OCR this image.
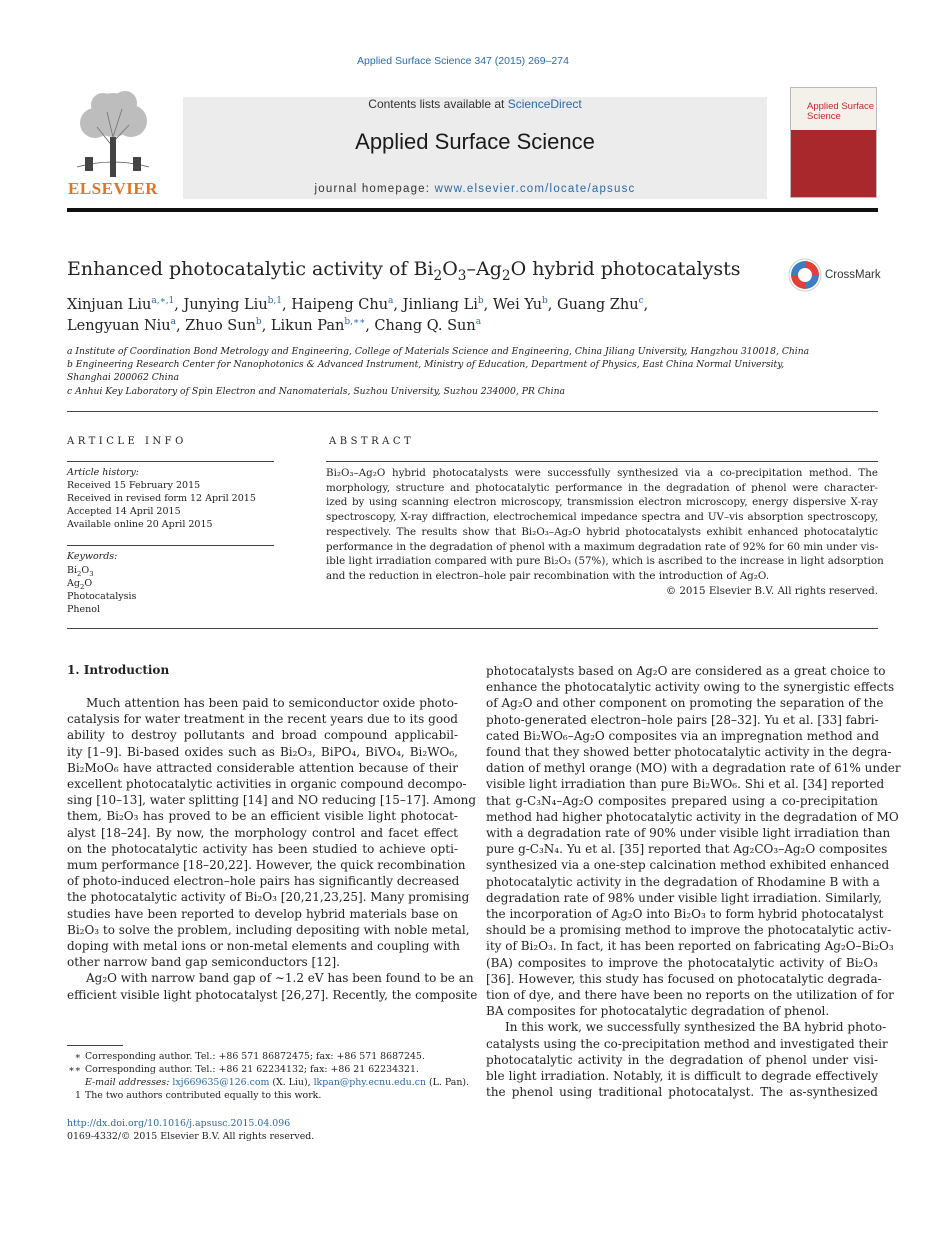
Applied Surface Science 347 (2015) 269–274
ELSEVIER
Contents lists available at ScienceDirect
Applied Surface Science
journal homepage: www.elsevier.com/locate/apsusc
Applied Surface Science
Enhanced photocatalytic activity of $Bi_2O_3-Ag_2O$ hybrid photocatalysts	CrossMark
Xinjuan Liu$^{a,∗,1}$, Junying Liu$^{b,1}$, Haipeng Chu$^a$, Jinliang Li$^b$, Wei Yu$^b$, Guang Zhu$^c$,
Lengyuan Niu$^a$, Zhuo Sun$^b$, Likun Pan$^{b,∗∗}$, Chang Q. Sun$^a$
a Institute of Coordination Bond Metrology and Engineering, College of Materials Science and Engineering, China Jiliang University, Hangzhou 310018, China
b Engineering Research Center for Nanophotonics & Advanced Instrument, Ministry of Education, Department of Physics, East China Normal University,
Shanghai 200062 China
c Anhui Key Laboratory of Spin Electron and Nanomaterials, Suzhou University, Suzhou 234000, PR China
ARTICLE INFO
Article history:
Received 15 February 2015
Received in revised form 12 April 2015
Accepted 14 April 2015
Available online 20 April 2015
Keywords:
$Bi_2O_3$
$Ag_2O$
Photocatalysis
Phenol
ABSTRACT
Bi₂O₃–Ag₂O hybrid photocatalysts were successfully synthesized via a co-precipitation method. The
morphology, structure and photocatalytic performance in the degradation of phenol were character-
ized by using scanning electron microscopy, transmission electron microscopy, energy dispersive X-ray
spectroscopy, X-ray diffraction, electrochemical impedance spectra and UV–vis absorption spectroscopy,
respectively. The results show that Bi₂O₃–Ag₂O hybrid photocatalysts exhibit enhanced photocatalytic
performance in the degradation of phenol with a maximum degradation rate of 92% for 60 min under vis-
ible light irradiation compared with pure Bi₂O₃ (57%), which is ascribed to the increase in light adsorption
and the reduction in electron–hole pair recombination with the introduction of Ag₂O.
© 2015 Elsevier B.V. All rights reserved.
1. Introduction
Much attention has been paid to semiconductor oxide photo-
catalysis for water treatment in the recent years due to its good
ability to destroy pollutants and broad compound applicabil-
ity [1–9]. Bi-based oxides such as Bi₂O₃, BiPO₄, BiVO₄, Bi₂WO₆,
Bi₂MoO₆ have attracted considerable attention because of their
excellent photocatalytic activities in organic compound decompo-
sing [10–13], water splitting [14] and NO reducing [15–17]. Among
them, Bi₂O₃ has proved to be an efficient visible light photocat-
alyst [18–24]. By now, the morphology control and facet effect
on the photocatalytic activity has been studied to achieve opti-
mum performance [18–20,22]. However, the quick recombination
of photo-induced electron–hole pairs has significantly decreased
the photocatalytic activity of Bi₂O₃ [20,21,23,25]. Many promising
studies have been reported to develop hybrid materials base on
Bi₂O₃ to solve the problem, including depositing with noble metal,
doping with metal ions or non-metal elements and coupling with
other narrow band gap semiconductors [12].
Ag₂O with narrow band gap of ∼1.2 eV has been found to be an
efficient visible light photocatalyst [26,27]. Recently, the composite
photocatalysts based on Ag₂O are considered as a great choice to
enhance the photocatalytic activity owing to the synergistic effects
of Ag₂O and other component on promoting the separation of the
photo-generated electron–hole pairs [28–32]. Yu et al. [33] fabri-
cated Bi₂WO₆–Ag₂O composites via an impregnation method and
found that they showed better photocatalytic activity in the degra-
dation of methyl orange (MO) with a degradation rate of 61% under
visible light irradiation than pure Bi₂WO₆. Shi et al. [34] reported
that g-C₃N₄–Ag₂O composites prepared using a co-precipitation
method had higher photocatalytic activity in the degradation of MO
with a degradation rate of 90% under visible light irradiation than
pure g-C₃N₄. Yu et al. [35] reported that Ag₂CO₃–Ag₂O composites
synthesized via a one-step calcination method exhibited enhanced
photocatalytic activity in the degradation of Rhodamine B with a
degradation rate of 98% under visible light irradiation. Similarly,
the incorporation of Ag₂O into Bi₂O₃ to form hybrid photocatalyst
should be a promising method to improve the photocatalytic activ-
ity of Bi₂O₃. In fact, it has been reported on fabricating Ag₂O–Bi₂O₃
(BA) composites to improve the photocatalytic activity of Bi₂O₃
[36]. However, this study has focused on photocatalytic degrada-
tion of dye, and there have been no reports on the utilization of for
BA composites for photocatalytic degradation of phenol.
In this work, we successfully synthesized the BA hybrid photo-
catalysts using the co-precipitation method and investigated their
photocatalytic activity in the degradation of phenol under visi-
ble light irradiation. Notably, it is difficult to degrade effectively
the phenol using traditional photocatalyst. The as-synthesized
∗ Corresponding author. Tel.: +86 571 86872475; fax: +86 571 8687245.
∗∗ Corresponding author. Tel.: +86 21 62234132; fax: +86 21 62234321.
E-mail addresses: lxj669635@126.com (X. Liu), lkpan@phy.ecnu.edu.cn (L. Pan).
1 The two authors contributed equally to this work.
http://dx.doi.org/10.1016/j.apsusc.2015.04.096
0169-4332/© 2015 Elsevier B.V. All rights reserved.
